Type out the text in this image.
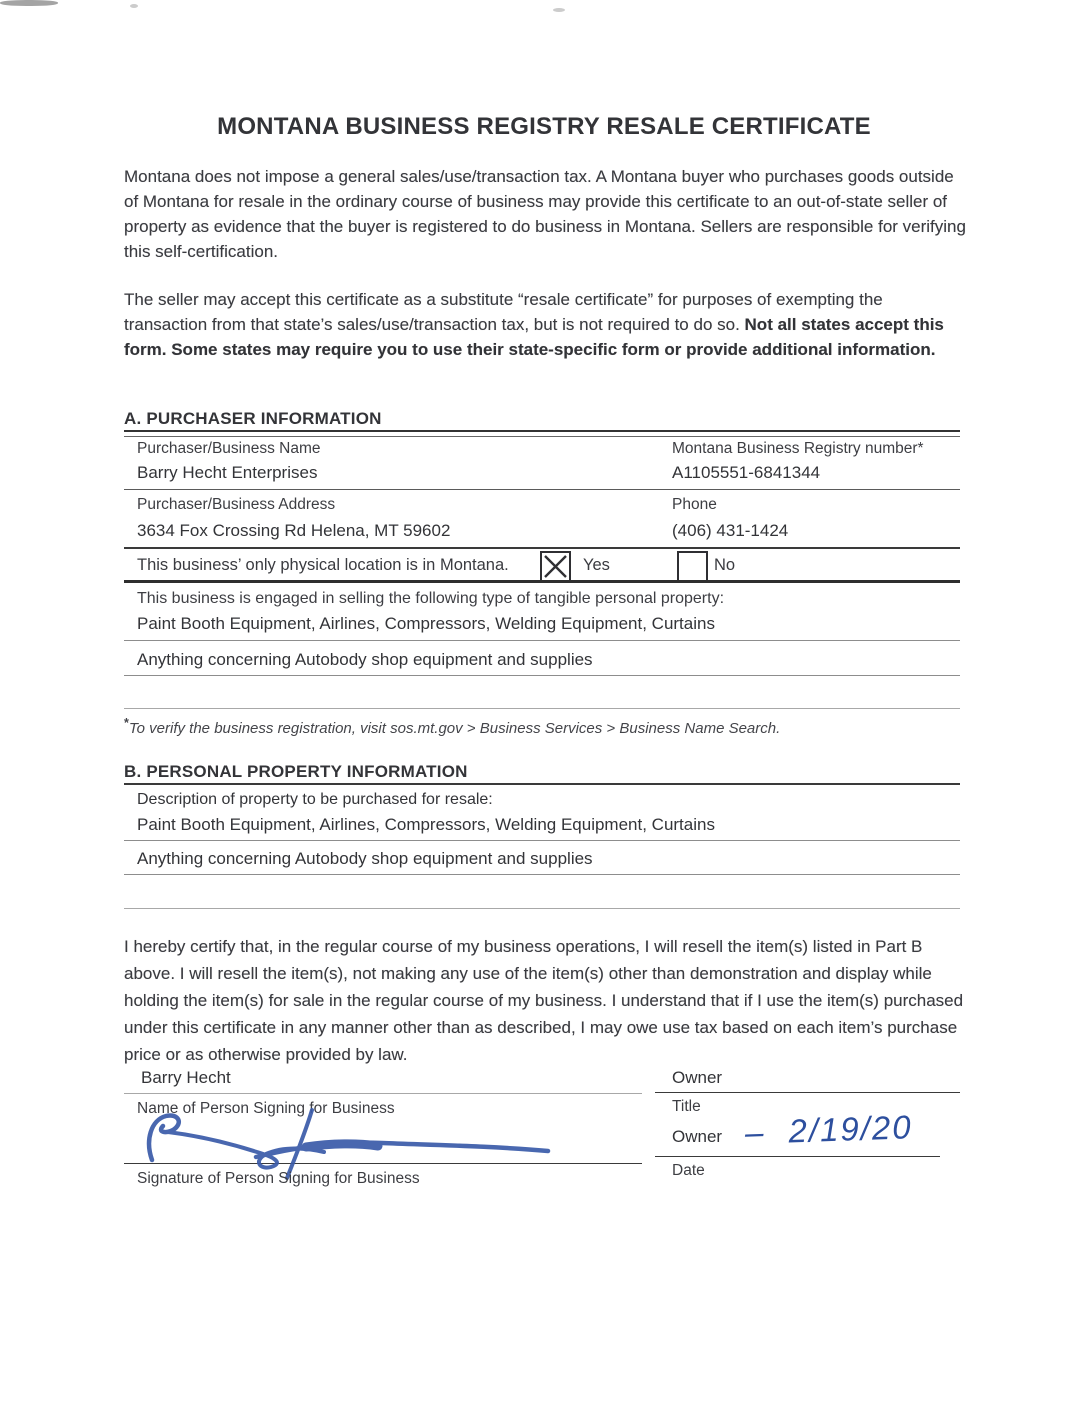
MONTANA BUSINESS REGISTRY RESALE CERTIFICATE
Montana does not impose a general sales/use/transaction tax. A Montana buyer who purchases goods outside of Montana for resale in the ordinary course of business may provide this certificate to an out-of-state seller of property as evidence that the buyer is registered to do business in Montana. Sellers are responsible for verifying this self-certification.
The seller may accept this certificate as a substitute “resale certificate” for purposes of exempting the transaction from that state’s sales/use/transaction tax, but is not required to do so. Not all states accept this form. Some states may require you to use their state-specific form or provide additional information.
A. PURCHASER INFORMATION
Purchaser/Business Name	Montana Business Registry number*
Barry Hecht Enterprises	A1105551-6841344
Purchaser/Business Address	Phone
3634 Fox Crossing Rd Helena, MT 59602	(406) 431-1424
This business’ only physical location is in Montana.	Yes	No
This business is engaged in selling the following type of tangible personal property:
Paint Booth Equipment, Airlines, Compressors, Welding Equipment, Curtains
Anything concerning Autobody shop equipment and supplies
*To verify the business registration, visit sos.mt.gov > Business Services > Business Name Search.
B. PERSONAL PROPERTY INFORMATION
Description of property to be purchased for resale:
Paint Booth Equipment, Airlines, Compressors, Welding Equipment, Curtains
Anything concerning Autobody shop equipment and supplies
I hereby certify that, in the regular course of my business operations, I will resell the item(s) listed in Part B above. I will resell the item(s), not making any use of the item(s) other than demonstration and display while holding the item(s) for sale in the regular course of my business. I understand that if I use the item(s) purchased under this certificate in any manner other than as described, I may owe use tax based on each item’s purchase price or as otherwise provided by law.
Barry Hecht
Name of Person Signing for Business
Signature of Person Signing for Business
Owner
Title
Owner – 2/19/20
Date
